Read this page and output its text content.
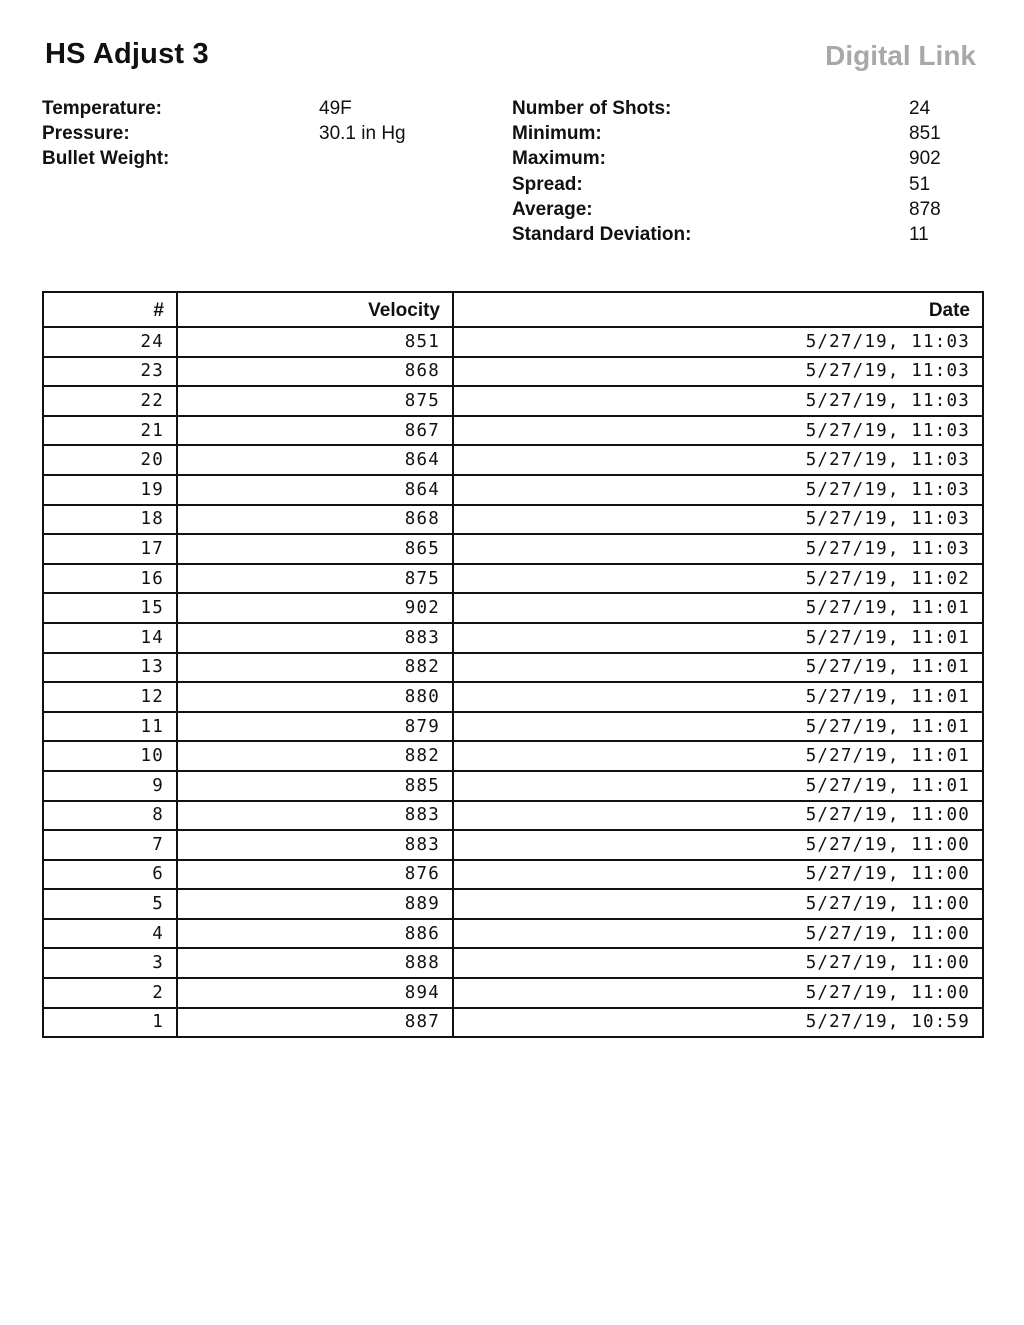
HS Adjust 3	Digital Link
Temperature:	49F
Pressure:	30.1 in Hg
Bullet Weight:
Number of Shots:	24
Minimum:	851
Maximum:	902
Spread:	51
Average:	878
Standard Deviation:	11
#	Velocity	Date
24	851	5/27/19, 11:03
23	868	5/27/19, 11:03
22	875	5/27/19, 11:03
21	867	5/27/19, 11:03
20	864	5/27/19, 11:03
19	864	5/27/19, 11:03
18	868	5/27/19, 11:03
17	865	5/27/19, 11:03
16	875	5/27/19, 11:02
15	902	5/27/19, 11:01
14	883	5/27/19, 11:01
13	882	5/27/19, 11:01
12	880	5/27/19, 11:01
11	879	5/27/19, 11:01
10	882	5/27/19, 11:01
9	885	5/27/19, 11:01
8	883	5/27/19, 11:00
7	883	5/27/19, 11:00
6	876	5/27/19, 11:00
5	889	5/27/19, 11:00
4	886	5/27/19, 11:00
3	888	5/27/19, 11:00
2	894	5/27/19, 11:00
1	887	5/27/19, 10:59
